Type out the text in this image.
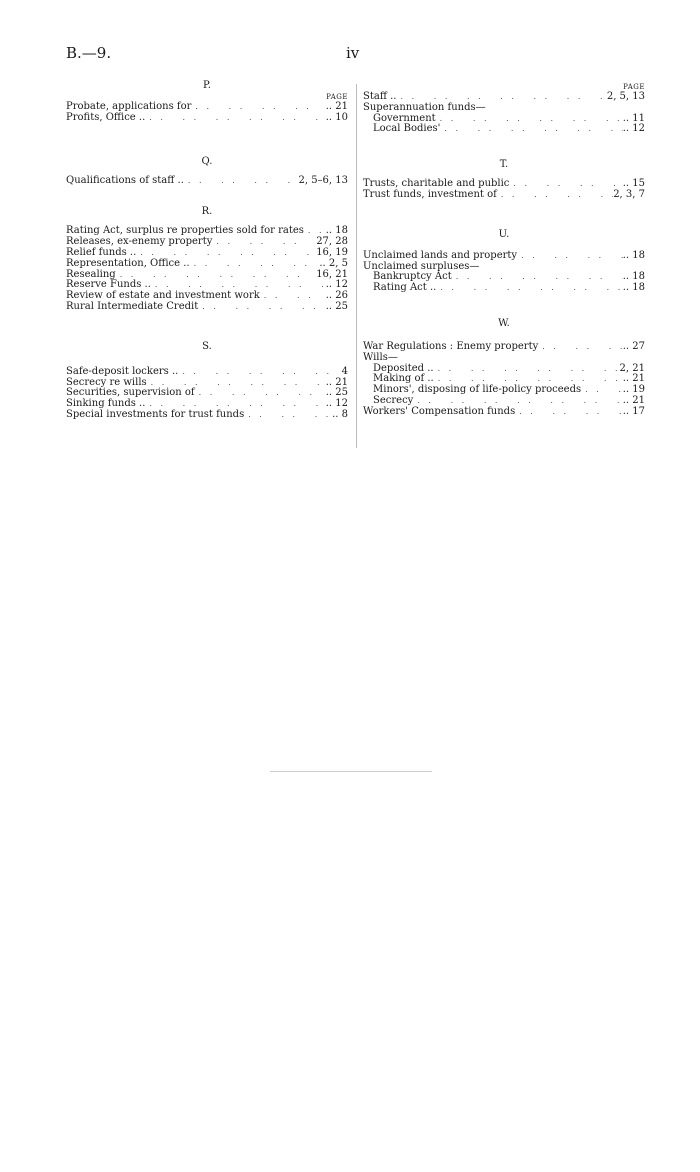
B.—9.	iv
P.
PAGE
Probate, applications for . .	.. 21
Profits, Office .. . .	.. 10
Q.
Qualifications of staff .. . .	2, 5–6, 13
R.
Rating Act, surplus re properties sold for rates . . .. 18
Releases, ex-enemy property . .	27, 28
Relief funds .. . .	16, 19
Representation, Office .. . .	.. 2, 5
Resealing . .	16, 21
Reserve Funds .. . .	.. 12
Review of estate and investment work . .	.. 26
Rural Intermediate Credit . .	.. 25
S.
Safe-deposit lockers .. . .	4
Secrecy re wills . .	.. 21
Securities, supervision of . .	.. 25
Sinking funds .. . .	.. 12
Special investments for trust funds . .	.. 8
PAGE
Staff .. . .	2, 5, 13
Superannuation funds—
Government . .	.. 11
Local Bodies' . .	.. 12
T.
Trusts, charitable and public . .	.. 15
Trust funds, investment of . .	2, 3, 7
U.
Unclaimed lands and property . .	.. 18
Unclaimed surpluses—
Bankruptcy Act . .	.. 18
Rating Act .. . .	.. 18
W.
War Regulations : Enemy property . .	.. 27
Wills—
Deposited .. . .	2, 21
Making of .. . .	.. 21
Minors', disposing of life-policy proceeds . .	.. 19
Secrecy . .	.. 21
Workers' Compensation funds . .	.. 17
